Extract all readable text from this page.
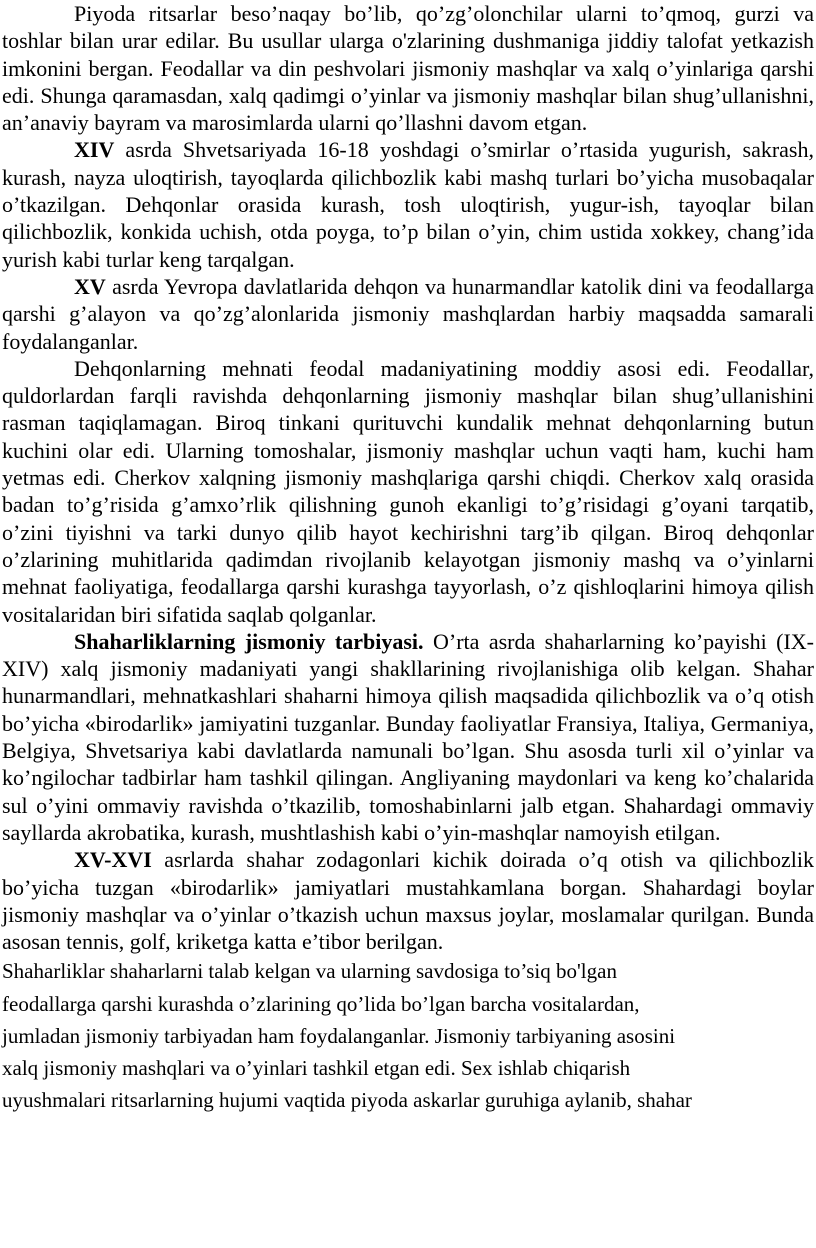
Piyoda ritsarlar beso’naqay bo’lib, qo’zg’olonchilar ularni to’qmoq, gurzi va toshlar bilan urar edilar. Bu usullar ularga o'zlarining dushmaniga jiddiy talofat yetkazish imkonini bergan. Feodallar va din peshvolari jismoniy mashqlar va xalq o’yinlariga qarshi edi. Shunga qaramasdan, xalq qadimgi o’yinlar va jismoniy mashqlar bilan shug’ullanishni, an’anaviy bayram va marosimlarda ularni qo’llashni davom etgan.

XIV asrda Shvetsariyada 16-18 yoshdagi o’smirlar o’rtasida yugurish, sakrash, kurash, nayza uloqtirish, tayoqlarda qilichbozlik kabi mashq turlari bo’yicha musobaqalar o’tkazilgan. Dehqonlar orasida kurash, tosh uloqtirish, yugur-ish, tayoqlar bilan qilichbozlik, konkida uchish, otda poyga, to’p bilan o’yin, chim ustida xokkey, chang’ida yurish kabi turlar keng tarqalgan.

XV asrda Yevropa davlatlarida dehqon va hunarmandlar katolik dini va feodallarga qarshi g’alayon va qo’zg’alonlarida jismoniy mashqlardan harbiy maqsadda samarali foydalanganlar.

Dehqonlarning mehnati feodal madaniyatining moddiy asosi edi. Feodallar, quldorlardan farqli ravishda dehqonlarning jismoniy mashqlar bilan shug’ullanishini rasman taqiqlamagan. Biroq tinkani qurituvchi kundalik mehnat dehqonlarning butun kuchini olar edi. Ularning tomoshalar, jismoniy mashqlar uchun vaqti ham, kuchi ham yetmas edi. Cherkov xalqning jismoniy mashqlariga qarshi chiqdi. Cherkov xalq orasida badan to’g’risida g’amxo’rlik qilishning gunoh ekanligi to’g’risidagi g’oyani tarqatib, o’zini tiyishni va tarki dunyo qilib hayot kechirishni targ’ib qilgan. Biroq dehqonlar o’zlarining muhitlarida qadimdan rivojlanib kelayotgan jismoniy mashq va o’yinlarni mehnat faoliyatiga, feodallarga qarshi kurashga tayyorlash, o’z qishloqlarini himoya qilish vositalaridan biri sifatida saqlab qolganlar.

Shaharliklarning jismoniy tarbiyasi. O’rta asrda shaharlarning ko’payishi (IX-XIV) xalq jismoniy madaniyati yangi shakllarining rivojlanishiga olib kelgan. Shahar hunarmandlari, mehnatkashlari shaharni himoya qilish maqsadida qilichbozlik va o’q otish bo’yicha «birodarlik» jamiyatini tuzganlar. Bunday faoliyatlar Fransiya, Italiya, Germaniya, Belgiya, Shvetsariya kabi davlatlarda namunali bo’lgan. Shu asosda turli xil o’yinlar va ko’ngilochar tadbirlar ham tashkil qilingan. Angliyaning maydonlari va keng ko’chalarida sul o’yini ommaviy ravishda o’tkazilib, tomoshabinlarni jalb etgan. Shahardagi ommaviy sayllarda akrobatika, kurash, mushtlashish kabi o’yin-mashqlar namoyish etilgan.

XV-XVI asrlarda shahar zodagonlari kichik doirada o’q otish va qilichbozlik bo’yicha tuzgan «birodarlik» jamiyatlari mustahkamlana borgan. Shahardagi boylar jismoniy mashqlar va o’yinlar o’tkazish uchun maxsus joylar, moslamalar qurilgan. Bunda asosan tennis, golf, kriketga katta e’tibor berilgan.

Shaharliklar shaharlarni talab kelgan va ularning savdosiga to’siq bo'lgan
feodallarga qarshi kurashda o’zlarining qo’lida bo’lgan barcha vositalardan,
jumladan jismoniy tarbiyadan ham foydalanganlar. Jismoniy tarbiyaning asosini
xalq jismoniy mashqlari va o’yinlari tashkil etgan edi. Sex ishlab chiqarish
uyushmalari ritsarlarning hujumi vaqtida piyoda askarlar guruhiga aylanib, shahar
